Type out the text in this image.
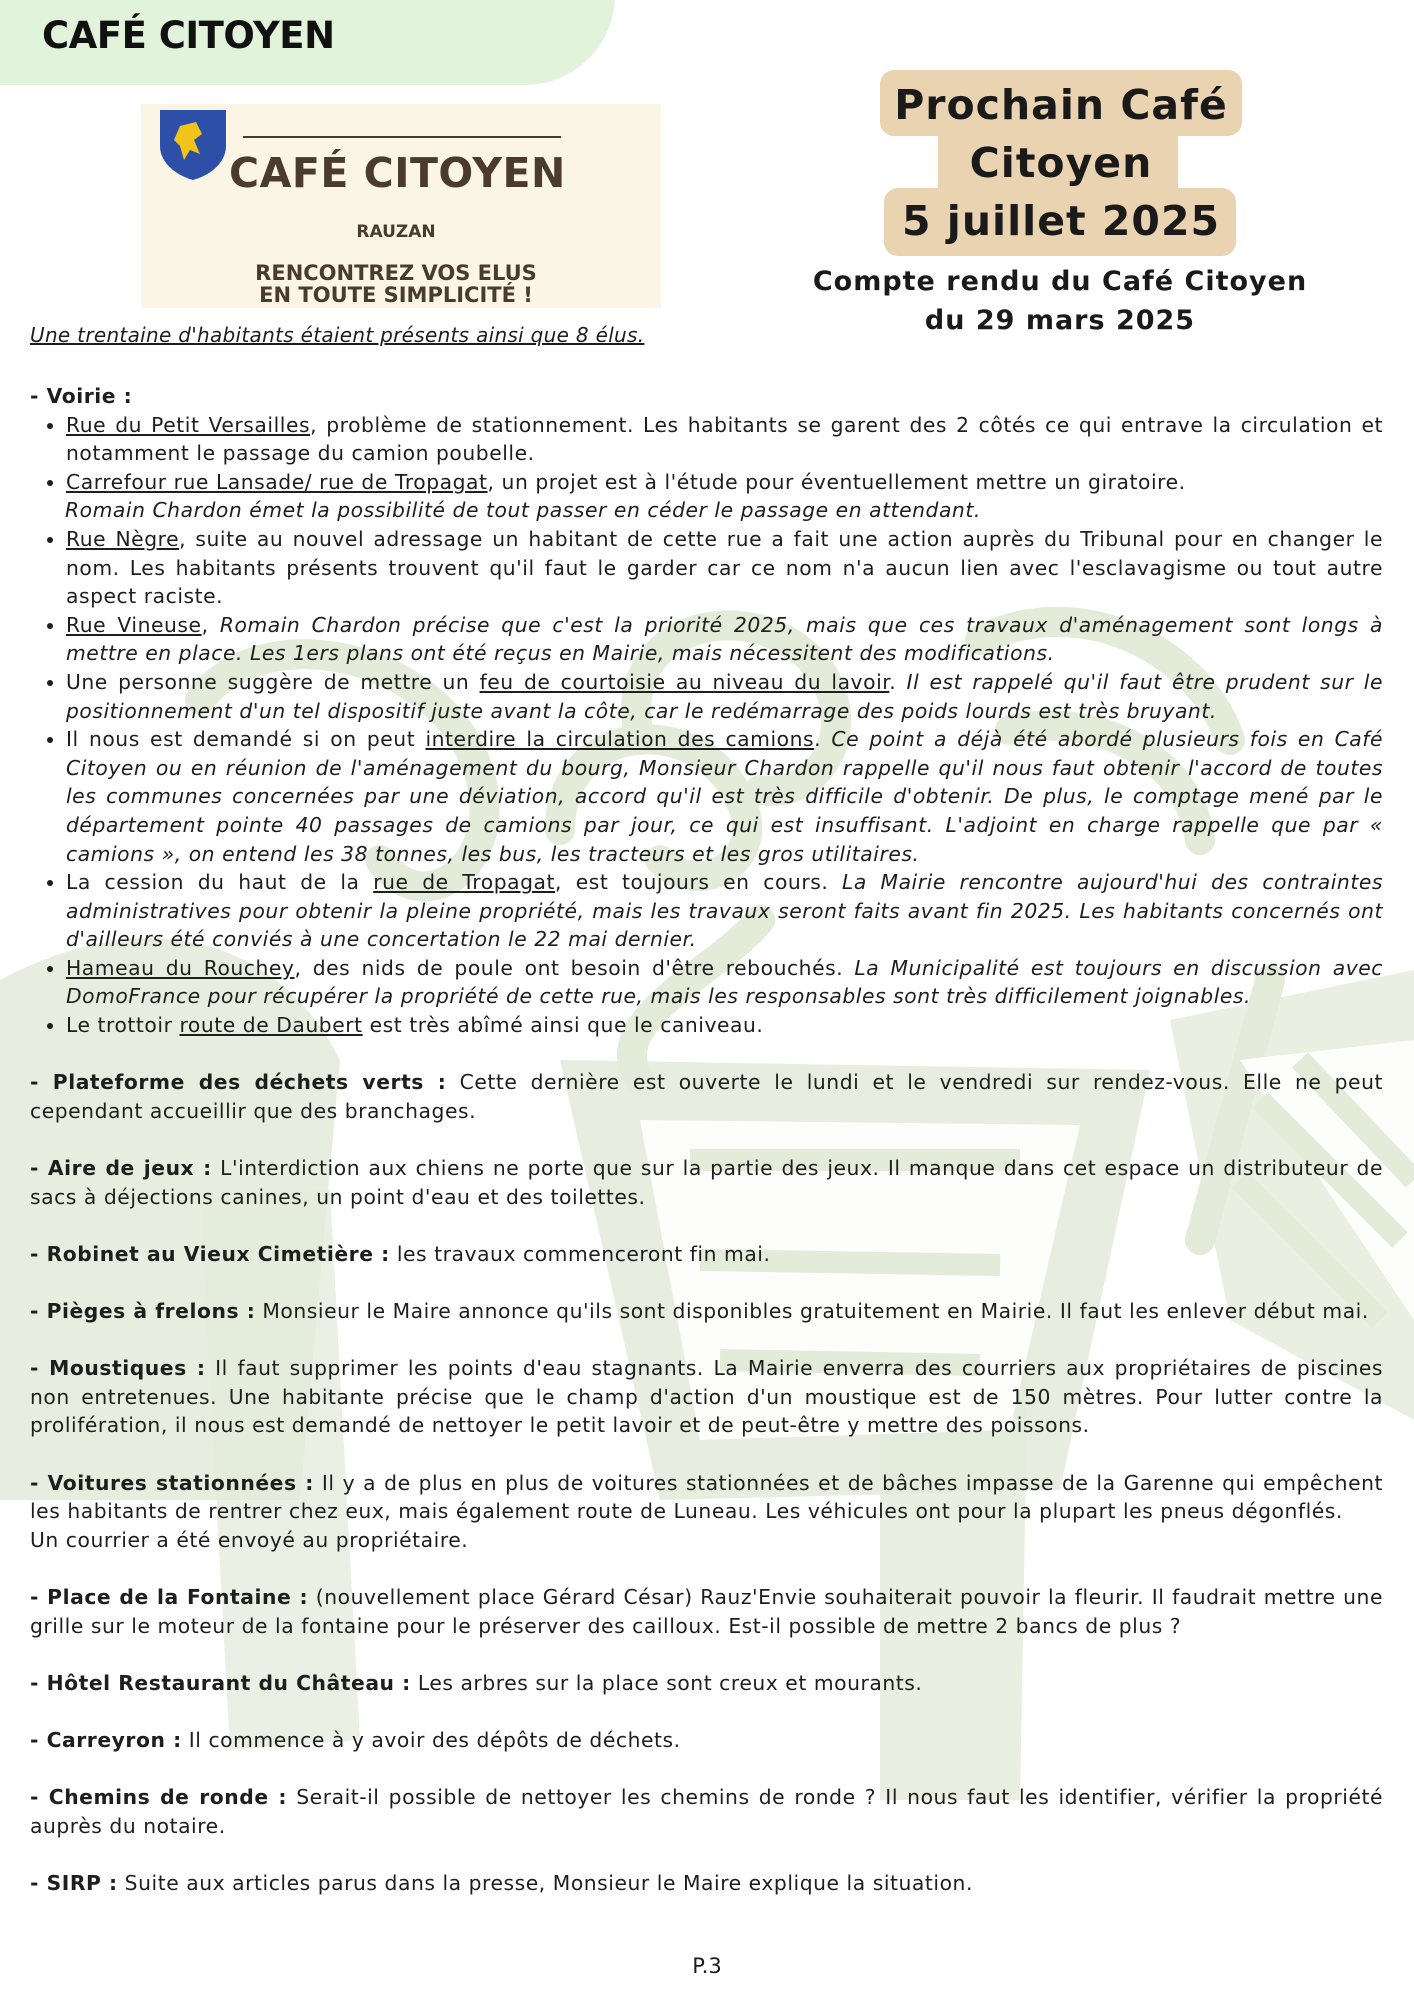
CAFÉ CITOYEN
CAFÉ CITOYEN
RAUZAN
RENCONTREZ VOS ELUS
EN TOUTE SIMPLICITÉ !
Prochain Café
Citoyen
5 juillet 2025
Compte rendu du Café Citoyen
du 29 mars 2025
Une trentaine d'habitants étaient présents ainsi que 8 élus.

- Voirie :

• Rue du Petit Versailles, problème de stationnement. Les habitants se garent des 2 côtés ce qui entrave la circulation et notamment le passage du camion poubelle.
• Carrefour rue Lansade/ rue de Tropagat, un projet est à l'étude pour éventuellement mettre un giratoire.

Romain Chardon émet la possibilité de tout passer en céder le passage en attendant.

• Rue Nègre, suite au nouvel adressage un habitant de cette rue a fait une action auprès du Tribunal pour en changer le nom. Les habitants présents trouvent qu'il faut le garder car ce nom n'a aucun lien avec l'esclavagisme ou tout autre aspect raciste.
• Rue Vineuse, Romain Chardon précise que c'est la priorité 2025, mais que ces travaux d'aménagement sont longs à mettre en place. Les 1ers plans ont été reçus en Mairie, mais nécessitent des modifications.
• Une personne suggère de mettre un feu de courtoisie au niveau du lavoir. Il est rappelé qu'il faut être prudent sur le positionnement d'un tel dispositif juste avant la côte, car le redémarrage des poids lourds est très bruyant.
• Il nous est demandé si on peut interdire la circulation des camions. Ce point a déjà été abordé plusieurs fois en Café Citoyen ou en réunion de l'aménagement du bourg, Monsieur Chardon rappelle qu'il nous faut obtenir l'accord de toutes les communes concernées par une déviation, accord qu'il est très difficile d'obtenir. De plus, le comptage mené par le département pointe 40 passages de camions par jour, ce qui est insuffisant. L'adjoint en charge rappelle que par « camions », on entend les 38 tonnes, les bus, les tracteurs et les gros utilitaires.
• La cession du haut de la rue de Tropagat, est toujours en cours. La Mairie rencontre aujourd'hui des contraintes administratives pour obtenir la pleine propriété, mais les travaux seront faits avant fin 2025. Les habitants concernés ont d'ailleurs été conviés à une concertation le 22 mai dernier.
• Hameau du Rouchey, des nids de poule ont besoin d'être rebouchés. La Municipalité est toujours en discussion avec DomoFrance pour récupérer la propriété de cette rue, mais les responsables sont très difficilement joignables.
• Le trottoir route de Daubert est très abîmé ainsi que le caniveau.

- Plateforme des déchets verts : Cette dernière est ouverte le lundi et le vendredi sur rendez-vous. Elle ne peut cependant accueillir que des branchages.

- Aire de jeux : L'interdiction aux chiens ne porte que sur la partie des jeux. Il manque dans cet espace un distributeur de sacs à déjections canines, un point d'eau et des toilettes.

- Robinet au Vieux Cimetière : les travaux commenceront fin mai.

- Pièges à frelons : Monsieur le Maire annonce qu'ils sont disponibles gratuitement en Mairie. Il faut les enlever début mai.

- Moustiques : Il faut supprimer les points d'eau stagnants. La Mairie enverra des courriers aux propriétaires de piscines non entretenues. Une habitante précise que le champ d'action d'un moustique est de 150 mètres. Pour lutter contre la prolifération, il nous est demandé de nettoyer le petit lavoir et de peut-être y mettre des poissons.

- Voitures stationnées : Il y a de plus en plus de voitures stationnées et de bâches impasse de la Garenne qui empêchent les habitants de rentrer chez eux, mais également route de Luneau. Les véhicules ont pour la plupart les pneus dégonflés.

Un courrier a été envoyé au propriétaire.

- Place de la Fontaine : (nouvellement place Gérard César) Rauz'Envie souhaiterait pouvoir la fleurir. Il faudrait mettre une grille sur le moteur de la fontaine pour le préserver des cailloux. Est-il possible de mettre 2 bancs de plus ?

- Hôtel Restaurant du Château : Les arbres sur la place sont creux et mourants.

- Carreyron : Il commence à y avoir des dépôts de déchets.

- Chemins de ronde : Serait-il possible de nettoyer les chemins de ronde ? Il nous faut les identifier, vérifier la propriété auprès du notaire.

- SIRP : Suite aux articles parus dans la presse, Monsieur le Maire explique la situation.

P.3
